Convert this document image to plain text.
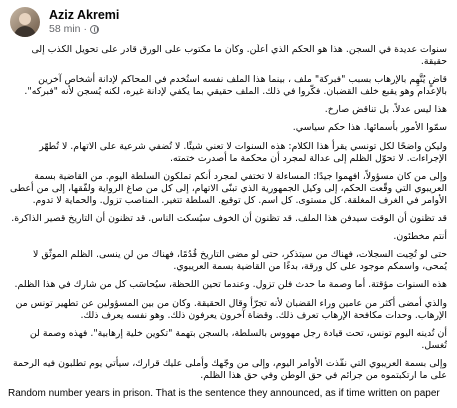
Aziz Akremi
58 min ·

سنوات عديدة في السجن. هذا هو الحكم الذي أعلَن. وكأن ما مكتوب على الورق قادر على تحويل الكذب إلى حقيقة.

قاضٍ يُتَّهِم بالإرهاب بسبب "فبركة" ملف ، بينما هذا الملف نفسه استُخدم في المحاكم لإدانة أشخاص آخرين بالإعدام وهو يقبع خلف القضبان. فكّروا في ذلك. الملف حقيقي بما يكفي لإدانة غيره، لكنه يُسجن لأنه "فبركه".

هذا ليس عدلاً. بل تناقض صارخ.

سمّوا الأمور بأسمائها. هذا حكم سياسي.

وليكن واضحًا لكل تونسي يقرأ هذا الكلام: هذه السنوات لا تعني شيئًا. لا تُضفي شرعية على الاتهام. لا تُطهّر الإجراءات. لا تحوّل الظلم إلى عدالة لمجرد أن محكمة ما أصدرت ختمته.

وإلى من كان مسؤولاً، افهموا جيدًا: المساءلة لا تختفي لمجرد أنكم تملكون السلطة اليوم. من القاضية بسمة العريبوي التي وقّعت الحكم، إلى وكيل الجمهورية الذي تبنّى الاتهام، إلى كل من صاغ الرواية ولفّقها، إلى من أعطى الأوامر في الغرف المغلقة. كل مستوى. كل اسم. كل توقيع. السلطة تتغير. المناصب تزول. والحماية لا تدوم.

قد تظنون أن الوقت سيدفن هذا الملف. قد تظنون أن الخوف سيُسكت الناس. قد تظنون أن التاريخ قصير الذاكرة.

أنتم مخطئون.

حتى لو تُحِيت السجلات، فهناك من سيتذكر، حتى لو مضى التاريخ قُدُمًا، فهناك من لن ينسى. الظلم الموثّق لا يُمحى، واسمكم موجود على كل ورقة، بدءًا من القاضية بسمة العريبوي.

هذه السنوات مؤقتة. أما وصمة ما حدث فلن تزول. وعندما تحين اللحظة، سيُحاسَب كل من شارك في هذا الظلم.

والذي أمضى أكثر من عامين وراء القضبان لأنه تجرّأ وقال الحقيقة. وكان من بين المسؤولين عن تطهير تونس من الإرهاب. وحدات مكافحة الإرهاب تعرف ذلك. وقضاة آخرون يعرفون ذلك. وهو نفسه يعرف ذلك.

أن تُدينه اليوم تونس، تحت قيادة رجل مهووس بالسلطة، بالسجن بتهمة "تكوين خلية إرهابية". فهذه وصمة لن تُغسل.

وإلى بسمة العريبوي التي نفّذت الأوامر اليوم، وإلى من وجّهك وأملى عليك قرارك، سيأتي يوم تطلبون فيه الرحمة على ما ارتكبتموه من جرائم في حق الوطن وفي حق هذا الظلم.

Random number years in prison. That is the sentence they announced, as if time written on paper
